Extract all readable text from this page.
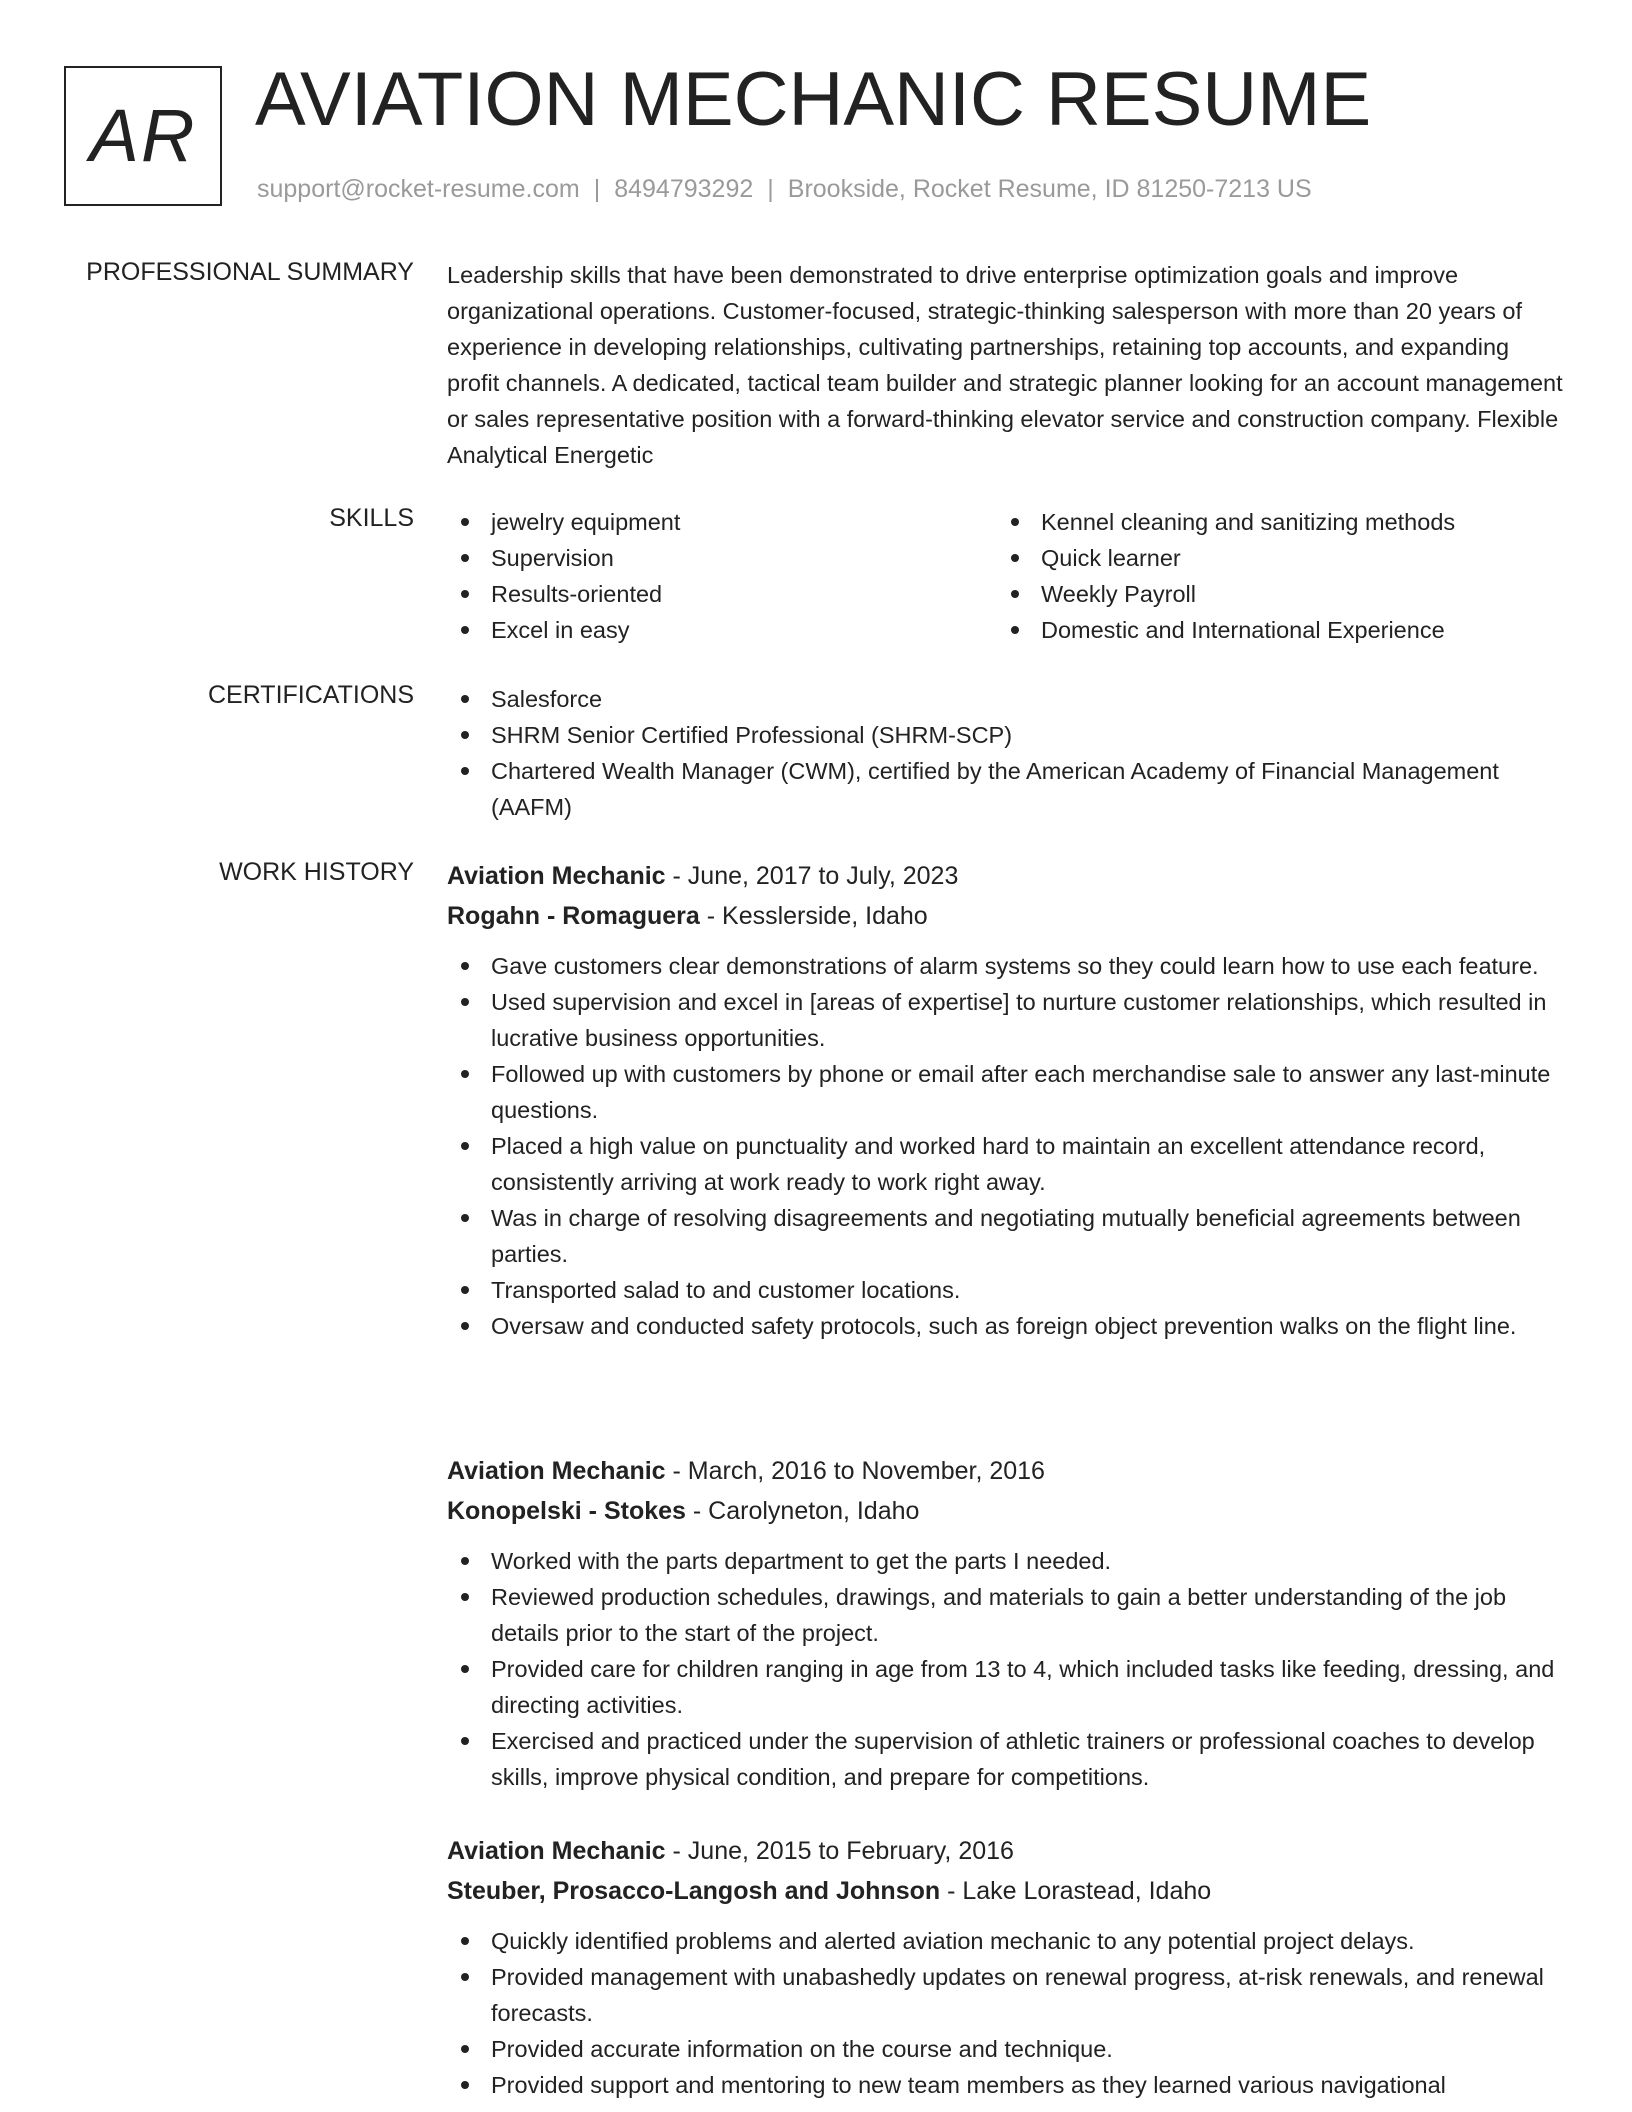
AR AVIATION MECHANIC RESUME
support@rocket-resume.com | 8494793292 | Brookside, Rocket Resume, ID 81250-7213 US
PROFESSIONAL SUMMARY Leadership skills that have been demonstrated to drive enterprise optimization goals and improve organizational operations. Customer-focused, strategic-thinking salesperson with more than 20 years of experience in developing relationships, cultivating partnerships, retaining top accounts, and expanding profit channels. A dedicated, tactical team builder and strategic planner looking for an account management or sales representative position with a forward-thinking elevator service and construction company. Flexible Analytical Energetic
SKILLS	jewelry equipment
Supervision
Results-oriented
Excel in easy
Kennel cleaning and sanitizing methods
Quick learner
Weekly Payroll
Domestic and International Experience
CERTIFICATIONS	Salesforce
SHRM Senior Certified Professional (SHRM-SCP)
Chartered Wealth Manager (CWM), certified by the American Academy of Financial Management (AAFM)
WORK HISTORY Aviation Mechanic - June, 2017 to July, 2023
Rogahn - Romaguera - Kesslerside, Idaho
Gave customers clear demonstrations of alarm systems so they could learn how to use each feature.
Used supervision and excel in [areas of expertise] to nurture customer relationships, which resulted in lucrative business opportunities.
Followed up with customers by phone or email after each merchandise sale to answer any last-minute questions.
Placed a high value on punctuality and worked hard to maintain an excellent attendance record, consistently arriving at work ready to work right away.
Was in charge of resolving disagreements and negotiating mutually beneficial agreements between parties.
Transported salad to and customer locations.
Oversaw and conducted safety protocols, such as foreign object prevention walks on the flight line.
Aviation Mechanic - March, 2016 to November, 2016
Konopelski - Stokes - Carolyneton, Idaho
Worked with the parts department to get the parts I needed.
Reviewed production schedules, drawings, and materials to gain a better understanding of the job details prior to the start of the project.
Provided care for children ranging in age from 13 to 4, which included tasks like feeding, dressing, and directing activities.
Exercised and practiced under the supervision of athletic trainers or professional coaches to develop skills, improve physical condition, and prepare for competitions.
Aviation Mechanic - June, 2015 to February, 2016
Steuber, Prosacco-Langosh and Johnson - Lake Lorastead, Idaho
Quickly identified problems and alerted aviation mechanic to any potential project delays.
Provided management with unabashedly updates on renewal progress, at-risk renewals, and renewal forecasts.
Provided accurate information on the course and technique.
Provided support and mentoring to new team members as they learned various navigational
